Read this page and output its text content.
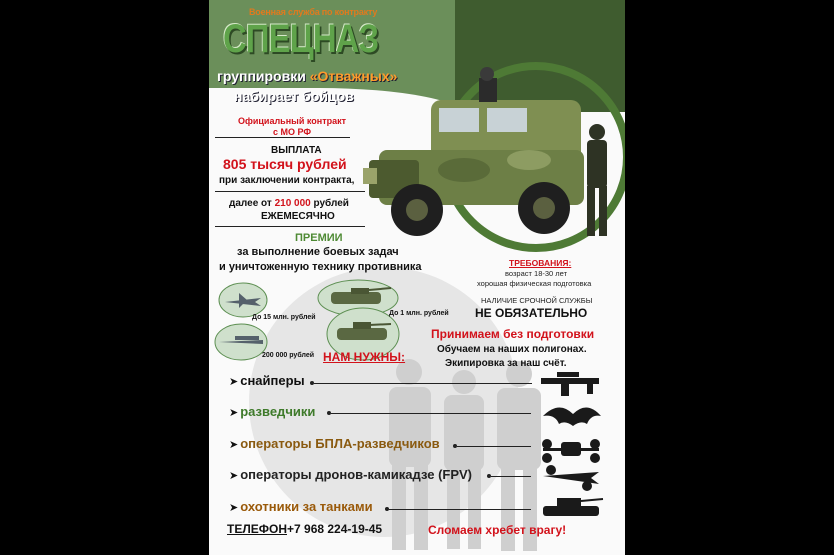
Военная служба по контракту

СПЕЦНАЗ

группировки «Отважных»

набирает бойцов

Официальный контракт с МО РФ

ВЫПЛАТА

805 тысяч рублей

при заключении контракта,

далее от 210 000 рублей

ЕЖЕМЕСЯЧНО

ПРЕМИИ

за выполнение боевых задач

и уничтоженную технику противника

До 15 млн. рублей

До 1 млн. рублей

200 000 рублей

ТРЕБОВАНИЯ:

возраст 18-30 лет

хорошая физическая подготовка

НАЛИЧИЕ СРОЧНОЙ СЛУЖБЫ

НЕ ОБЯЗАТЕЛЬНО

Принимаем без подготовки

Обучаем на наших полигонах.

Экипировка за наш счёт.

НАМ НУЖНЫ:

➤ снайперы

➤ разведчики

➤ операторы БПЛА-разведчиков

➤ операторы дронов-камикадзе (FPV)

➤ охотники за танками

ТЕЛЕФОН+7 968 224-19-45	Сломаем хребет врагу!
